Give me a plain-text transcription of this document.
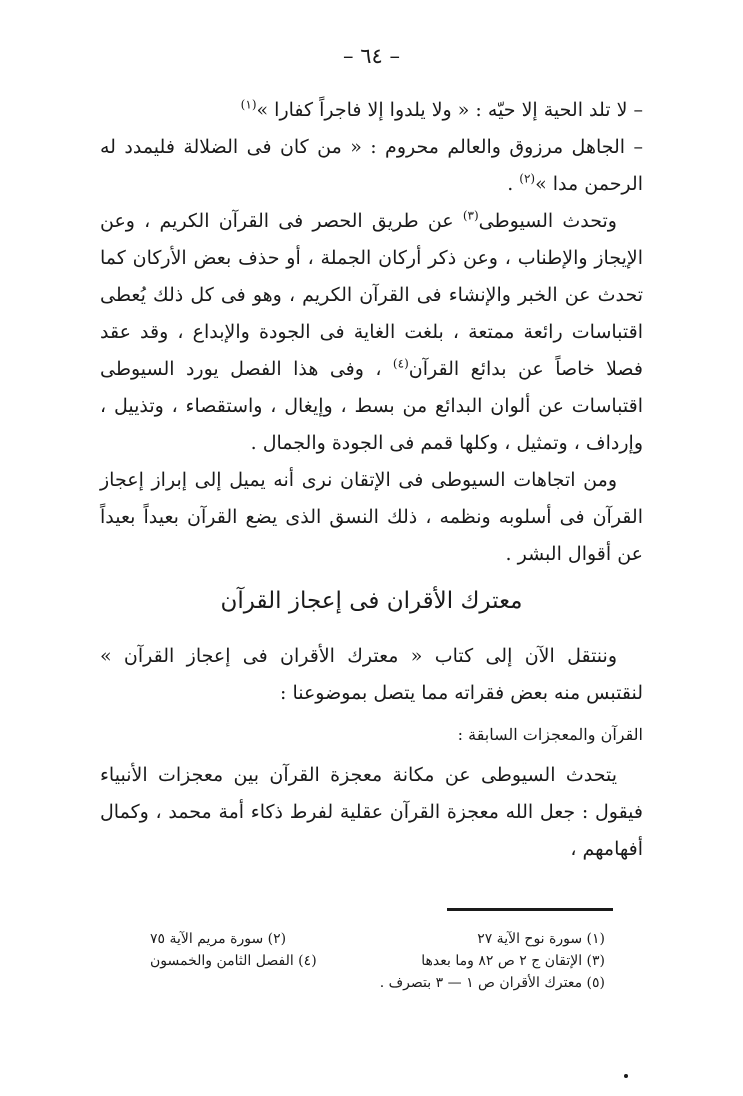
– ٦٤ –

– لا تلد الحية إلا حيّه : « ولا يلدوا إلا فاجراً كفارا »$^{(١)}$

– الجاهل مرزوق والعالم محروم : « من كان فى الضلالة فليمدد له الرحمن مدا »$^{(٢)}$ .

وتحدث السيوطى$^{(٣)}$ عن طريق الحصر فى القرآن الكريم ، وعن الإيجاز والإطناب ، وعن ذكر أركان الجملة ، أو حذف بعض الأركان كما تحدث عن الخبر والإنشاء فى القرآن الكريم ، وهو فى كل ذلك يُعطى اقتباسات رائعة ممتعة ، بلغت الغاية فى الجودة والإبداع ، وقد عقد فصلا خاصاً عن بدائع القرآن$^{(٤)}$ ، وفى هذا الفصل يورد السيوطى اقتباسات عن ألوان البدائع من بسط ، وإيغال ، واستقصاء ، وتذييل ، وإرداف ، وتمثيل ، وكلها قمم فى الجودة والجمال .

ومن اتجاهات السيوطى فى الإتقان نرى أنه يميل إلى إبراز إعجاز القرآن فى أسلوبه ونظمه ، ذلك النسق الذى يضع القرآن بعيداً بعيداً عن أقوال البشر .

معترك الأقران فى إعجاز القرآن

وننتقل الآن إلى كتاب « معترك الأقران فى إعجاز القرآن » لنقتبس منه بعض فقراته مما يتصل بموضوعنا :

القرآن والمعجزات السابقة :

يتحدث السيوطى عن مكانة معجزة القرآن بين معجزات الأنبياء فيقول : جعل الله معجزة القرآن عقلية لفرط ذكاء أمة محمد ، وكمال أفهامهم ،

(١) سورة نوح الآية ٢٧
(٢) سورة مريم الآية ٧٥
(٣) الإتقان ج ٢ ص ٨٢ وما بعدها
(٤) الفصل الثامن والخمسون
(٥) معترك الأقران ص ١ — ٣ بتصرف .
